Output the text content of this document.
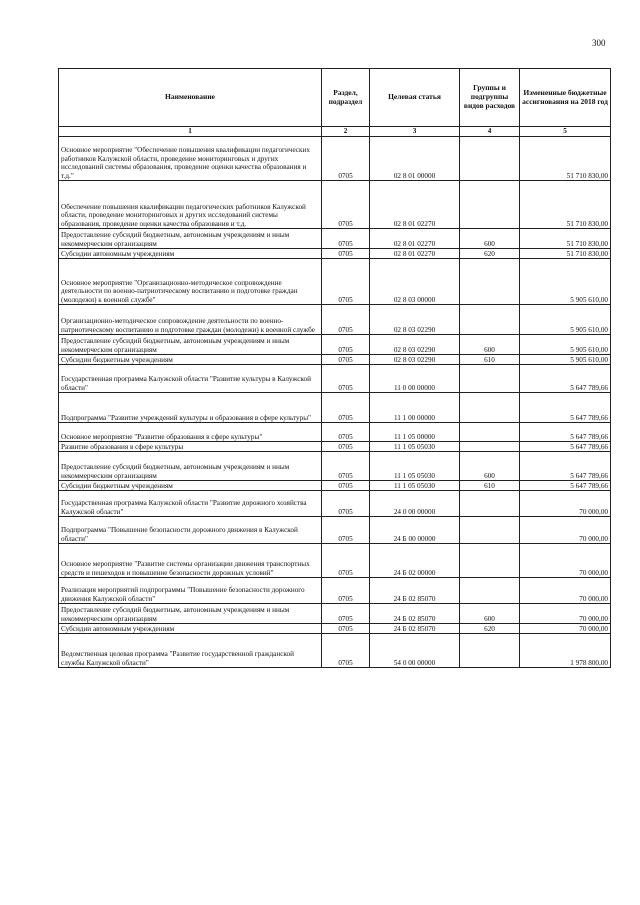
300
Наименование	Раздел, подраздел	Целевая статья	Группы и подгруппы видов расходов	Измененные бюджетные ассигнования на 2018 год
1	2	3	4	5
Основное мероприятие "Обеспечение повышения квалификации педагогических работников Калужской области, проведение мониторинговых и других исследований системы образования, проведение оценки качества образования и т.д."	0705	02 8 01 00000		51 710 830,00
Обеспечение повышения квалификации педагогических работников Калужской области, проведение мониторинговых и других исследований системы образования, проведение оценки качества образования и т.д.	0705	02 8 01 02270		51 710 830,00
Предоставление субсидий бюджетным, автономным учреждениям и иным некоммерческим организациям	0705	02 8 01 02270	600	51 710 830,00
Субсидии автономным учреждениям	0705	02 8 01 02270	620	51 710 830,00
Основное мероприятие "Организационно-методическое сопровождение деятельности по военно-патриотическому воспитанию и подготовке граждан (молодежи) к военной службе"	0705	02 8 03 00000		5 905 610,00
Организационно-методическое сопровождение деятельности по военно-патриотическому воспитанию и подготовке граждан (молодежи) к военной службе	0705	02 8 03 02290		5 905 610,00
Предоставление субсидий бюджетным, автономным учреждениям и иным некоммерческим организациям	0705	02 8 03 02290	600	5 905 610,00
Субсидии бюджетным учреждениям	0705	02 8 03 02290	610	5 905 610,00
Государственная программа Калужской области "Развитие культуры в Калужской области"	0705	11 0 00 00000		5 647 789,66
Подпрограмма "Развитие учреждений культуры и образования в сфере культуры"	0705	11 1 00 00000		5 647 789,66
Основное мероприятие "Развитие образования в сфере культуры"	0705	11 1 05 00000		5 647 789,66
Развитие образования в сфере культуры	0705	11 1 05 05030		5 647 789,66
Предоставление субсидий бюджетным, автономным учреждениям и иным некоммерческим организациям	0705	11 1 05 05030	600	5 647 789,66
Субсидии бюджетным учреждениям	0705	11 1 05 05030	610	5 647 789,66
Государственная программа Калужской области "Развитие дорожного хозяйства Калужской области"	0705	24 0 00 00000		70 000,00
Подпрограмма "Повышение безопасности дорожного движения в Калужской области"	0705	24 Б 00 00000		70 000,00
Основное мероприятие "Развитие системы организации движения транспортных средств и пешеходов и повышение безопасности дорожных условий"	0705	24 Б 02 00000		70 000,00
Реализация мероприятий подпрограммы "Повышение безопасности дорожного движения Калужской области"	0705	24 Б 02 85070		70 000,00
Предоставление субсидий бюджетным, автономным учреждениям и иным некоммерческим организациям	0705	24 Б 02 85070	600	70 000,00
Субсидии автономным учреждениям	0705	24 Б 02 85070	620	70 000,00
Ведомственная целевая программа "Развитие государственной гражданской службы Калужской области"	0705	54 0 00 00000		1 978 800,00
